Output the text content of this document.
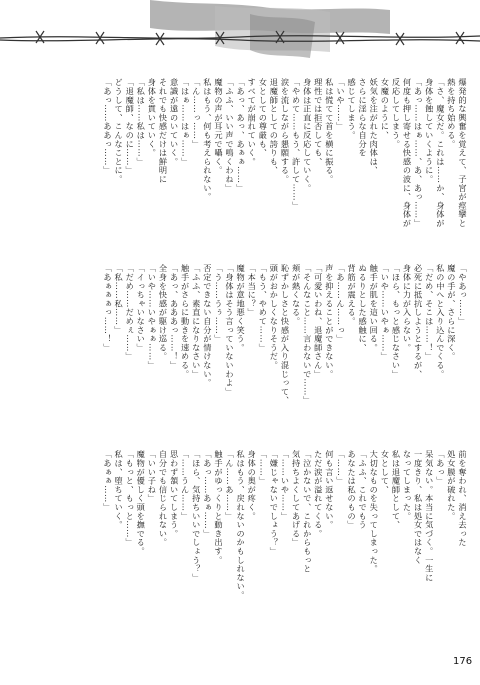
爆発的な興奮を覚えて、子宮が痙攣と
熱を持ち始める。
「さ、魔女だ。これは……か、身体が
身体を蝕していくように。
「あっ……はぁ……、あ、あっ……」
何度も押し寄せる快感の波に、身体が
反応してしまう。
女魔のように、
妖気を注がれた肉体は、
さらに淫らな自分を
感じてしまう。
「いや……」
私は慌てて首を横に振る。
理性では拒否しても、
身体は正直に反応していく。
「やめて……もう、許して……」
涙を流しながら懇願する。
退魔師としての誇りも、
女としての尊厳も、
すべてが崩れていく。
「あっ、あっ、あぁぁ……」
「ふふ、いい声で鳴くわね」
魔物の声が耳元で囁く。
私はもう、何も考えられない。
「ん……っ……」
「はぁ……はぁ……」
意識が遠のいていく。
それでも快感だけは鮮明に
身体を貫いていく。
「私は……私は……」
「退魔師、なのに……」
どうして、こんなことに。
「あっ……ああっ……」
「やあっ……」
魔の手が、さらに深く。
私の中へと入り込んでくる。
「だめ、そこは……！」
必死に抵抗しようとするが、
身体に力が入らない。
「ほら、もっと感じなさい」
「いや……いやぁ……」
触手が肌を這い回る。
ぬるりとした感触に、
背筋が震える。
「あ……ん……っ」
声を抑えることができない。
「可愛いわね、退魔師さん」
「そんなこと……言わないで……」
頬が熱くなる。
恥ずかしさと快感が入り混じって、
頭がおかしくなりそうだ。
「もう、やめて……」
「本当に？」
魔物が意地悪く笑う。
「身体はそう言っていないわよ」
「う……うぅ……」
否定できない自分が情けない。
「ふふ、素直になりなさい」
触手がさらに動きを速める。
「あっ、あああっ……！」
全身を快感が駆け巡る。
「いや……いやぁぁ……」
「イっちゃいなさい」
「だめ……だめぇ……」
「私……私……」
「あぁぁぁっ……！」
前を奪われ、消え去った
処女膜が破れた。
「あっ」
呆気ない。本当に気づく。一生に
一度きり、私は処女ではなく
なってしまった。
私は退魔師として、
女として、
大切なものを失ってしまった。
「ふふ、これでもう
あなたは私のもの」
「……」
何も言い返せない。
ただ涙が溢れてくる。
「泣かないで、これからもっと
気持ちよくしてあげる」
「……いや……」
「嫌じゃないでしょう？」
「……」
身体の奥が疼く。
私はもう、戻れないのかもしれない。
「ん……あ……」
触手がゆっくりと動き出す。
「あっ……あぁ……」
「ほら、気持ちいいでしょう？」
「……うん……」
思わず頷いてしまう。
自分でも信じられない。
「いい子ね」
魔物が優しく頭を撫でる。
「もっと、もっと……」
私は、堕ちていく。
「あぁぁ……」
176
